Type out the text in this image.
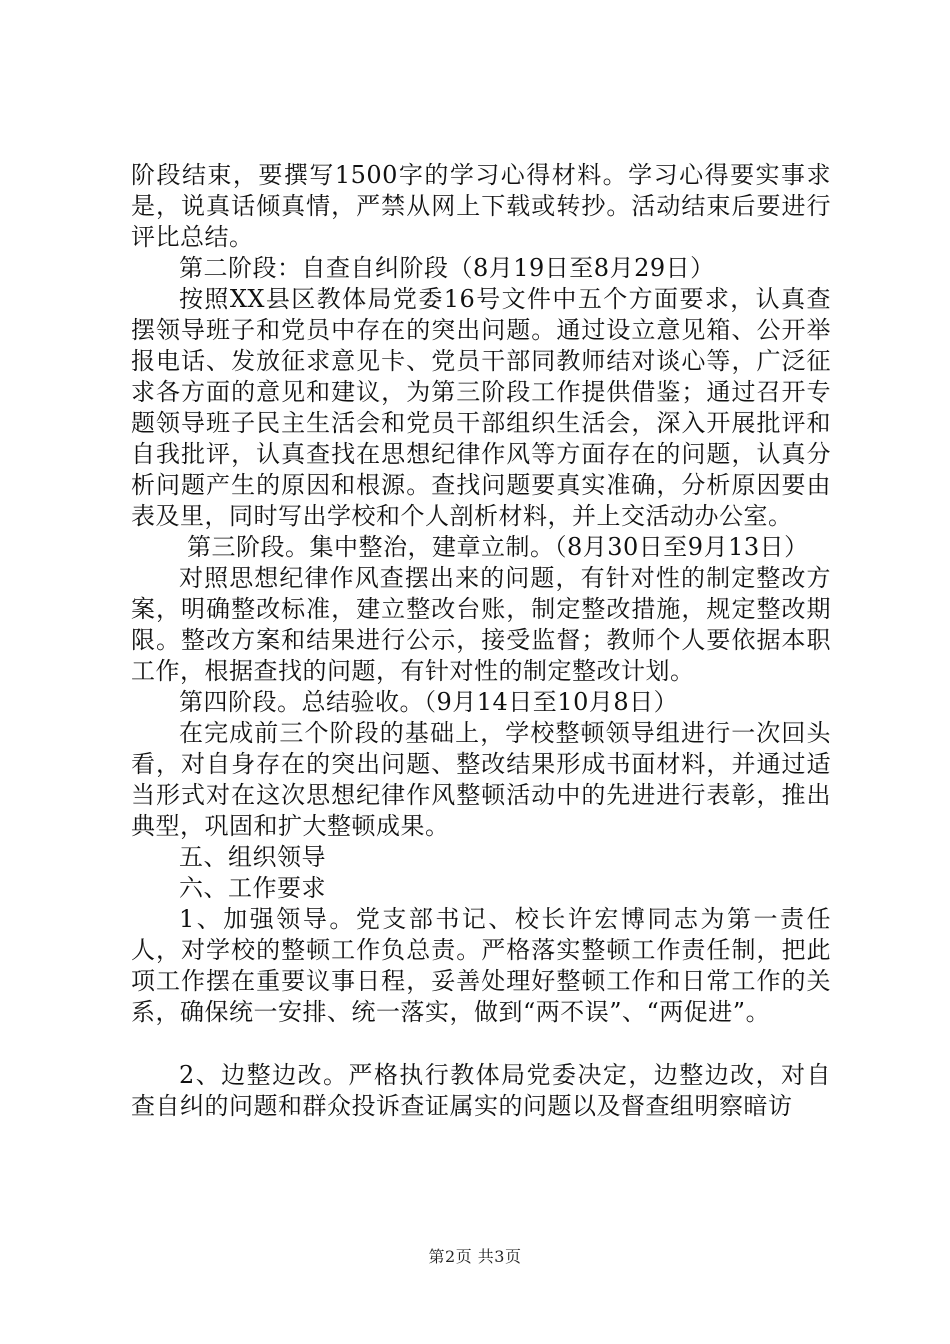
阶段结束，要撰写1500字的学习心得材料。学习心得要实事求是，说真话倾真情，严禁从网上下载或转抄。活动结束后要进行评比总结。

第二阶段：自查自纠阶段（8月19日至8月29日）

按照XX县区教体局党委16号文件中五个方面要求，认真查摆领导班子和党员中存在的突出问题。通过设立意见箱、公开举报电话、发放征求意见卡、党员干部同教师结对谈心等，广泛征求各方面的意见和建议，为第三阶段工作提供借鉴；通过召开专题领导班子民主生活会和党员干部组织生活会，深入开展批评和自我批评，认真查找在思想纪律作风等方面存在的问题，认真分析问题产生的原因和根源。查找问题要真实准确，分析原因要由表及里，同时写出学校和个人剖析材料，并上交活动办公室。

第三阶段。集中整治，建章立制。（8月30日至9月13日）

对照思想纪律作风查摆出来的问题，有针对性的制定整改方案，明确整改标准，建立整改台账，制定整改措施，规定整改期限。整改方案和结果进行公示，接受监督；教师个人要依据本职工作，根据查找的问题，有针对性的制定整改计划。

第四阶段。总结验收。（9月14日至10月8日）

在完成前三个阶段的基础上，学校整顿领导组进行一次回头看，对自身存在的突出问题、整改结果形成书面材料，并通过适当形式对在这次思想纪律作风整顿活动中的先进进行表彰，推出典型，巩固和扩大整顿成果。

五、组织领导

六、工作要求

1、加强领导。党支部书记、校长许宏博同志为第一责任人，对学校的整顿工作负总责。严格落实整顿工作责任制，把此项工作摆在重要议事日程，妥善处理好整顿工作和日常工作的关系，确保统一安排、统一落实，做到“两不误”、“两促进”。

2、边整边改。严格执行教体局党委决定，边整边改，对自查自纠的问题和群众投诉查证属实的问题以及督查组明察暗访

第2页 共3页
